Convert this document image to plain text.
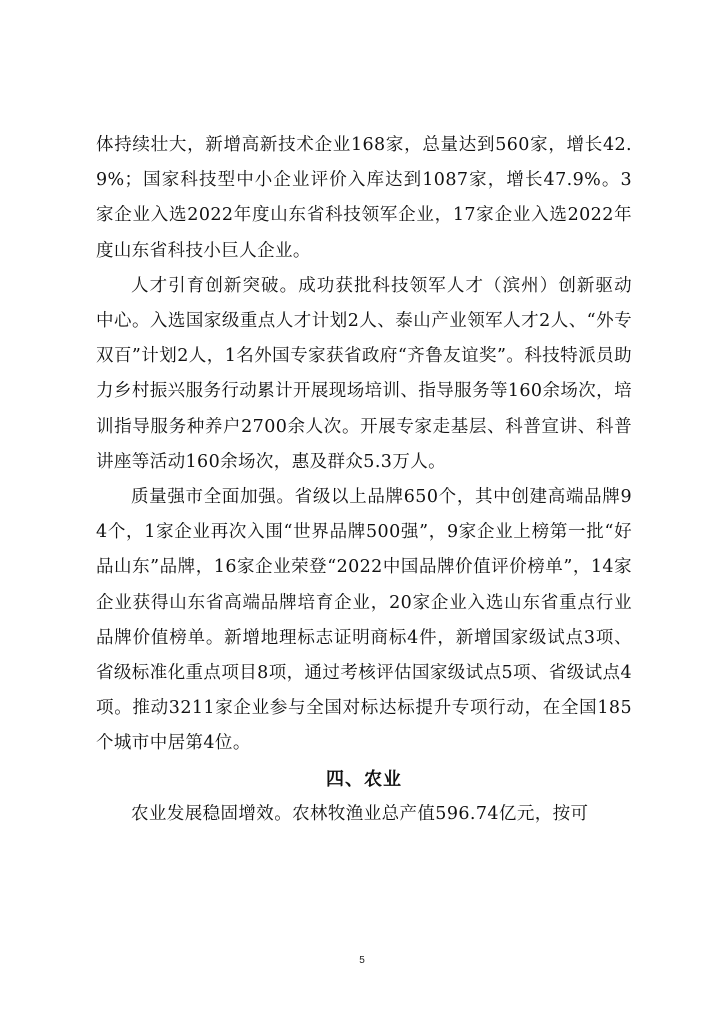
体持续壮大，新增高新技术企业168家，总量达到560家，增长42.9%；国家科技型中小企业评价入库达到1087家，增长47.9%。3家企业入选2022年度山东省科技领军企业，17家企业入选2022年度山东省科技小巨人企业。

人才引育创新突破。成功获批科技领军人才（滨州）创新驱动中心。入选国家级重点人才计划2人、泰山产业领军人才2人、“外专双百”计划2人，1名外国专家获省政府“齐鲁友谊奖”。科技特派员助力乡村振兴服务行动累计开展现场培训、指导服务等160余场次，培训指导服务种养户2700余人次。开展专家走基层、科普宣讲、科普讲座等活动160余场次，惠及群众5.3万人。

质量强市全面加强。省级以上品牌650个，其中创建高端品牌94个，1家企业再次入围“世界品牌500强”，9家企业上榜第一批“好品山东”品牌，16家企业荣登“2022中国品牌价值评价榜单”，14家企业获得山东省高端品牌培育企业，20家企业入选山东省重点行业品牌价值榜单。新增地理标志证明商标4件，新增国家级试点3项、省级标准化重点项目8项，通过考核评估国家级试点5项、省级试点4项。推动3211家企业参与全国对标达标提升专项行动，在全国185个城市中居第4位。

四、农业

农业发展稳固增效。农林牧渔业总产值596.74亿元，按可

5
